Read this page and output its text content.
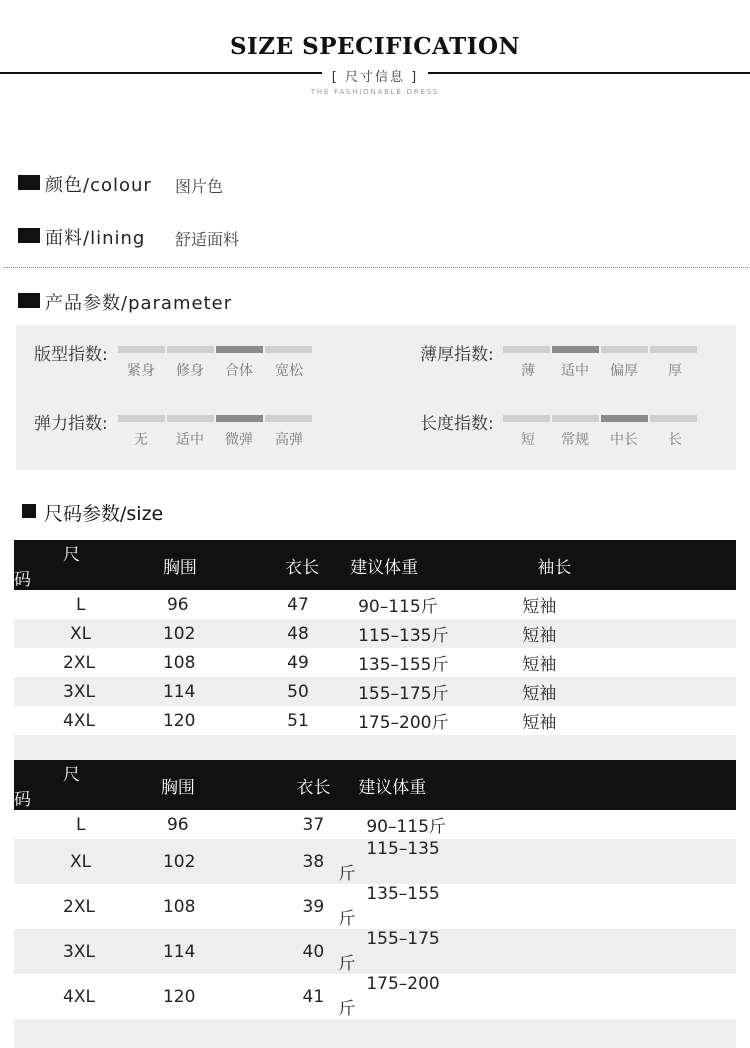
SIZE SPECIFICATION
[ 尺寸信息 ]
THE FASHIONABLE DRESS
颜色/colour 图片色
面料/lining 舒适面料
产品参数/parameter
版型指数:
紧身	修身	合体	宽松
薄厚指数:
薄	适中	偏厚	厚
弹力指数:
无	适中	微弹	高弹
长度指数:
短	常规	中长	长
尺码参数/size
尺码	胸围	衣长	建议体重	袖长
L	96	47	90–115斤	短袖
XL	102	48	115–135斤	短袖
2XL	108	49	135–155斤	短袖
3XL	114	50	155–175斤	短袖
4XL	120	51	175–200斤	短袖

尺码	胸围	衣长	建议体重	
L	96	37	90–115斤	
XL	102	38	115–135斤	
2XL	108	39	135–155斤	
3XL	114	40	155–175斤	
4XL	120	41	175–200斤	
